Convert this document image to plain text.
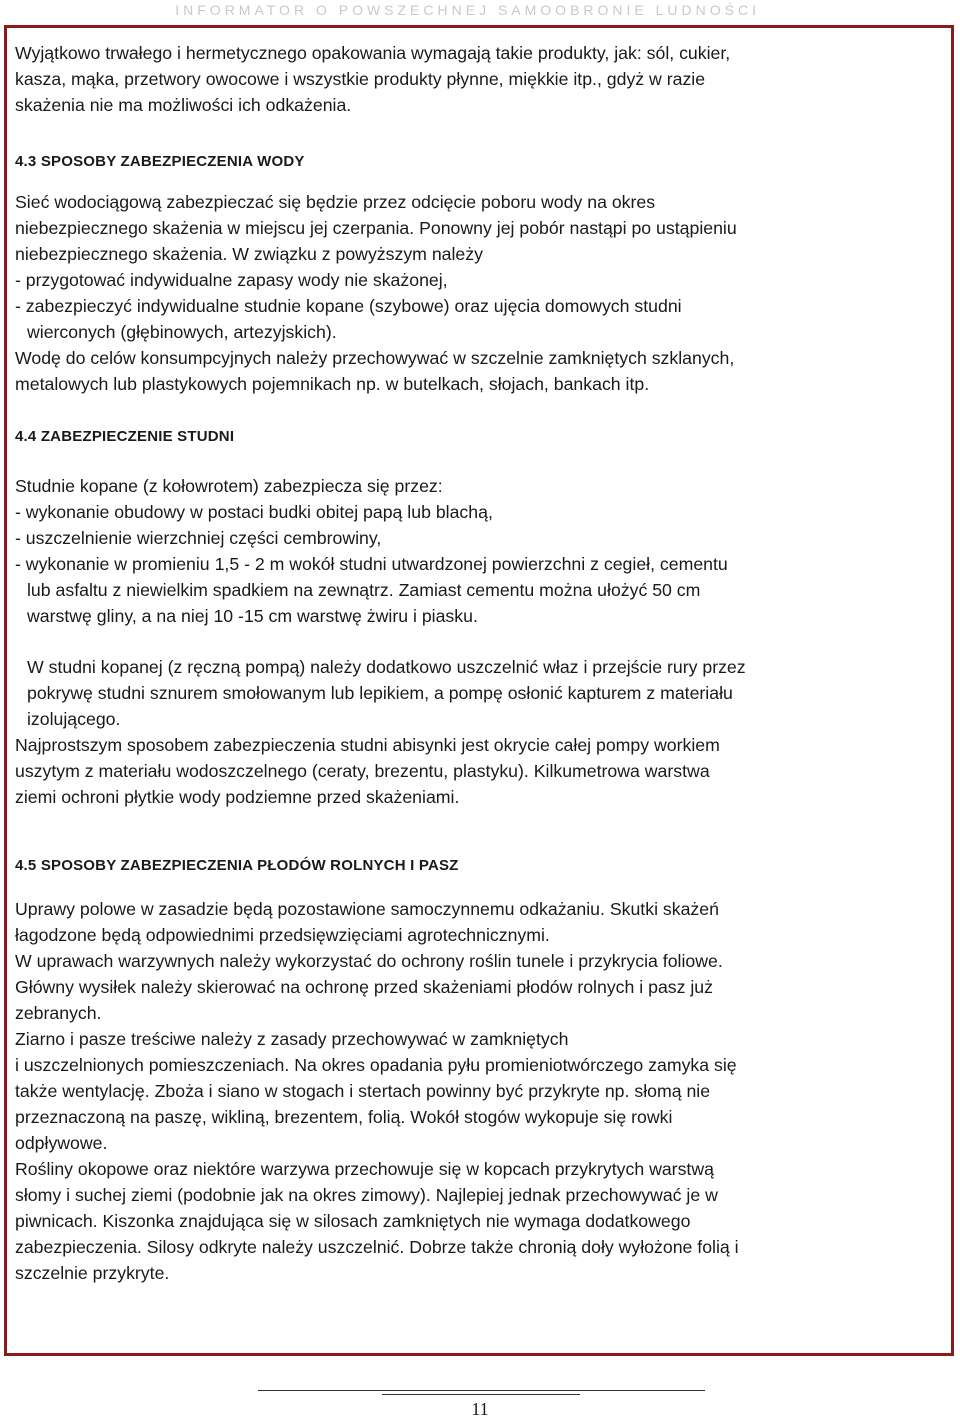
INFORMATOR O POWSZECHNEJ SAMOOBRONIE LUDNOŚCI

Wyjątkowo trwałego i hermetycznego opakowania wymagają takie produkty, jak: sól, cukier,

kasza, mąka, przetwory owocowe i wszystkie produkty płynne, miękkie itp., gdyż w razie

skażenia nie ma możliwości ich odkażenia.

4.3 SPOSOBY ZABEZPIECZENIA WODY

Sieć wodociągową zabezpieczać się będzie przez odcięcie poboru wody na okres

niebezpiecznego skażenia w miejscu jej czerpania. Ponowny jej pobór nastąpi po ustąpieniu

niebezpiecznego skażenia. W związku z powyższym należy

- przygotować indywidualne zapasy wody nie skażonej,

- zabezpieczyć indywidualne studnie kopane (szybowe) oraz ujęcia domowych studni

wierconych (głębinowych, artezyjskich).

Wodę do celów konsumpcyjnych należy przechowywać w szczelnie zamkniętych szklanych,

metalowych lub plastykowych pojemnikach np. w butelkach, słojach, bankach itp.

4.4 ZABEZPIECZENIE STUDNI

Studnie kopane (z kołowrotem) zabezpiecza się przez:

- wykonanie obudowy w postaci budki obitej papą lub blachą,

- uszczelnienie wierzchniej części cembrowiny,

- wykonanie w promieniu 1,5 - 2 m wokół studni utwardzonej powierzchni z cegieł, cementu

lub asfaltu z niewielkim spadkiem na zewnątrz. Zamiast cementu można ułożyć 50 cm

warstwę gliny, a na niej 10 -15 cm warstwę żwiru i piasku.

W studni kopanej (z ręczną pompą) należy dodatkowo uszczelnić właz i przejście rury przez

pokrywę studni sznurem smołowanym lub lepikiem, a pompę osłonić kapturem z materiału

izolującego.

Najprostszym sposobem zabezpieczenia studni abisynki jest okrycie całej pompy workiem

uszytym z materiału wodoszczelnego (ceraty, brezentu, plastyku). Kilkumetrowa warstwa

ziemi ochroni płytkie wody podziemne przed skażeniami.

4.5 SPOSOBY ZABEZPIECZENIA PŁODÓW ROLNYCH I PASZ

Uprawy polowe w zasadzie będą pozostawione samoczynnemu odkażaniu. Skutki skażeń

łagodzone będą odpowiednimi przedsięwzięciami agrotechnicznymi.

W uprawach warzywnych należy wykorzystać do ochrony roślin tunele i przykrycia foliowe.

Główny wysiłek należy skierować na ochronę przed skażeniami płodów rolnych i pasz już

zebranych.

Ziarno i pasze treściwe należy z zasady przechowywać w zamkniętych

i uszczelnionych pomieszczeniach. Na okres opadania pyłu promieniotwórczego zamyka się

także wentylację. Zboża i siano w stogach i stertach powinny być przykryte np. słomą nie

przeznaczoną na paszę, wikliną, brezentem, folią. Wokół stogów wykopuje się rowki

odpływowe.

Rośliny okopowe oraz niektóre warzywa przechowuje się w kopcach przykrytych warstwą

słomy i suchej ziemi (podobnie jak na okres zimowy). Najlepiej jednak przechowywać je w

piwnicach. Kiszonka znajdująca się w silosach zamkniętych nie wymaga dodatkowego

zabezpieczenia. Silosy odkryte należy uszczelnić. Dobrze także chronią doły wyłożone folią i

szczelnie przykryte.

11
